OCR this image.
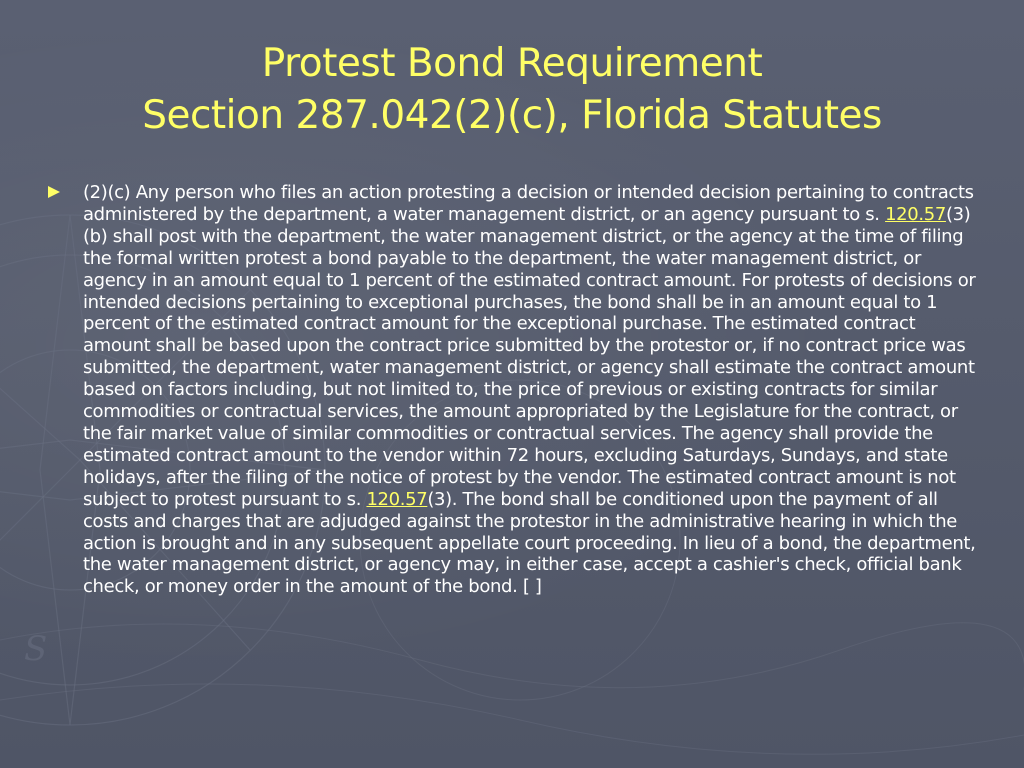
S
Protest Bond Requirement
Section 287.042(2)(c), Florida Statutes
(2)(c) Any person who files an action protesting a decision or intended decision pertaining to contracts administered by the department, a water management district, or an agency pursuant to s. 120.57(3)(b) shall post with the department, the water management district, or the agency at the time of filing the formal written protest a bond payable to the department, the water management district, or agency in an amount equal to 1 percent of the estimated contract amount. For protests of decisions or intended decisions pertaining to exceptional purchases, the bond shall be in an amount equal to 1 percent of the estimated contract amount for the exceptional purchase. The estimated contract amount shall be based upon the contract price submitted by the protestor or, if no contract price was submitted, the department, water management district, or agency shall estimate the contract amount based on factors including, but not limited to, the price of previous or existing contracts for similar commodities or contractual services, the amount appropriated by the Legislature for the contract, or the fair market value of similar commodities or contractual services. The agency shall provide the estimated contract amount to the vendor within 72 hours, excluding Saturdays, Sundays, and state holidays, after the filing of the notice of protest by the vendor. The estimated contract amount is not subject to protest pursuant to s. 120.57(3). The bond shall be conditioned upon the payment of all costs and charges that are adjudged against the protestor in the administrative hearing in which the action is brought and in any subsequent appellate court proceeding. In lieu of a bond, the department, the water management district, or agency may, in either case, accept a cashier's check, official bank check, or money order in the amount of the bond. [ ]
